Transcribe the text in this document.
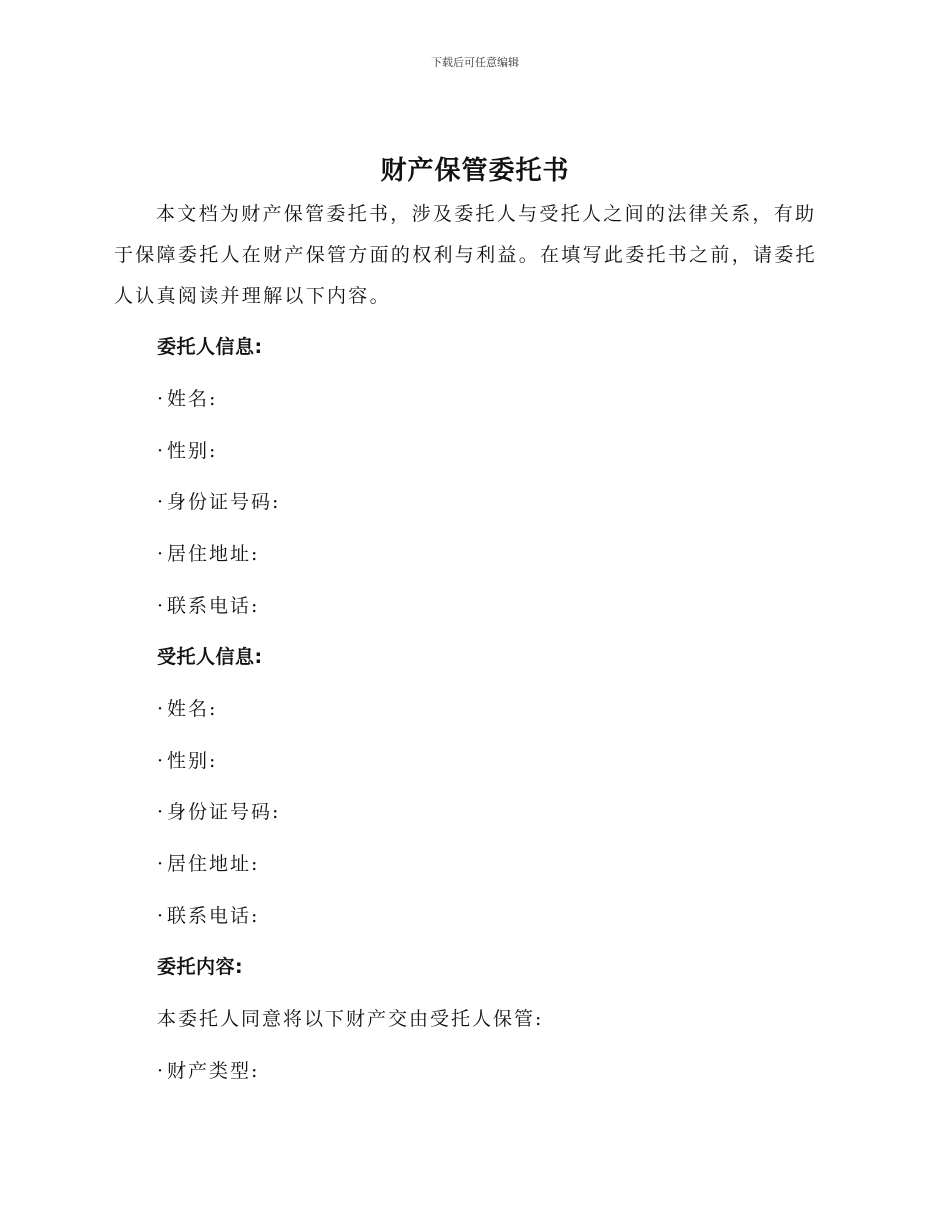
下载后可任意编辑
财产保管委托书

本文档为财产保管委托书，涉及委托人与受托人之间的法律关系，有助于保障委托人在财产保管方面的权利与利益。在填写此委托书之前，请委托人认真阅读并理解以下内容。

委托人信息:
· 姓名:
· 性别:
· 身份证号码:
· 居住地址:
· 联系电话:
受托人信息:
· 姓名:
· 性别:
· 身份证号码:
· 居住地址:
· 联系电话:
委托内容:
本委托人同意将以下财产交由受托人保管:
· 财产类型:
